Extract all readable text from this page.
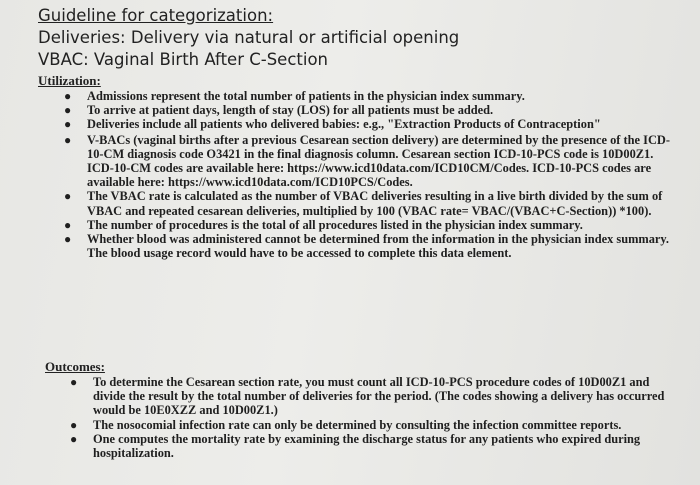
Guideline for categorization:
Deliveries: Delivery via natural or artificial opening
VBAC: Vaginal Birth After C-Section
Utilization:
● Admissions represent the total number of patients in the physician index summary.
● To arrive at patient days, length of stay (LOS) for all patients must be added.
● Deliveries include all patients who delivered babies: e.g., "Extraction Products of Contraception"
● V-BACs (vaginal births after a previous Cesarean section delivery) are determined by the presence of the ICD-10-CM diagnosis code O3421 in the final diagnosis column. Cesarean section ICD-10-PCS code is 10D00Z1.
ICD-10-CM codes are available here: https://www.icd10data.com/ICD10CM/Codes. ICD-10-PCS codes are available here: https://www.icd10data.com/ICD10PCS/Codes.
● The VBAC rate is calculated as the number of VBAC deliveries resulting in a live birth divided by the sum of VBAC and repeated cesarean deliveries, multiplied by 100 (VBAC rate= VBAC/(VBAC+C-Section)) *100).
● The number of procedures is the total of all procedures listed in the physician index summary.
● Whether blood was administered cannot be determined from the information in the physician index summary. The blood usage record would have to be accessed to complete this data element.
Outcomes:
● To determine the Cesarean section rate, you must count all ICD-10-PCS procedure codes of 10D00Z1 and divide the result by the total number of deliveries for the period. (The codes showing a delivery has occurred would be 10E0XZZ and 10D00Z1.)
● The nosocomial infection rate can only be determined by consulting the infection committee reports.
● One computes the mortality rate by examining the discharge status for any patients who expired during hospitalization.
